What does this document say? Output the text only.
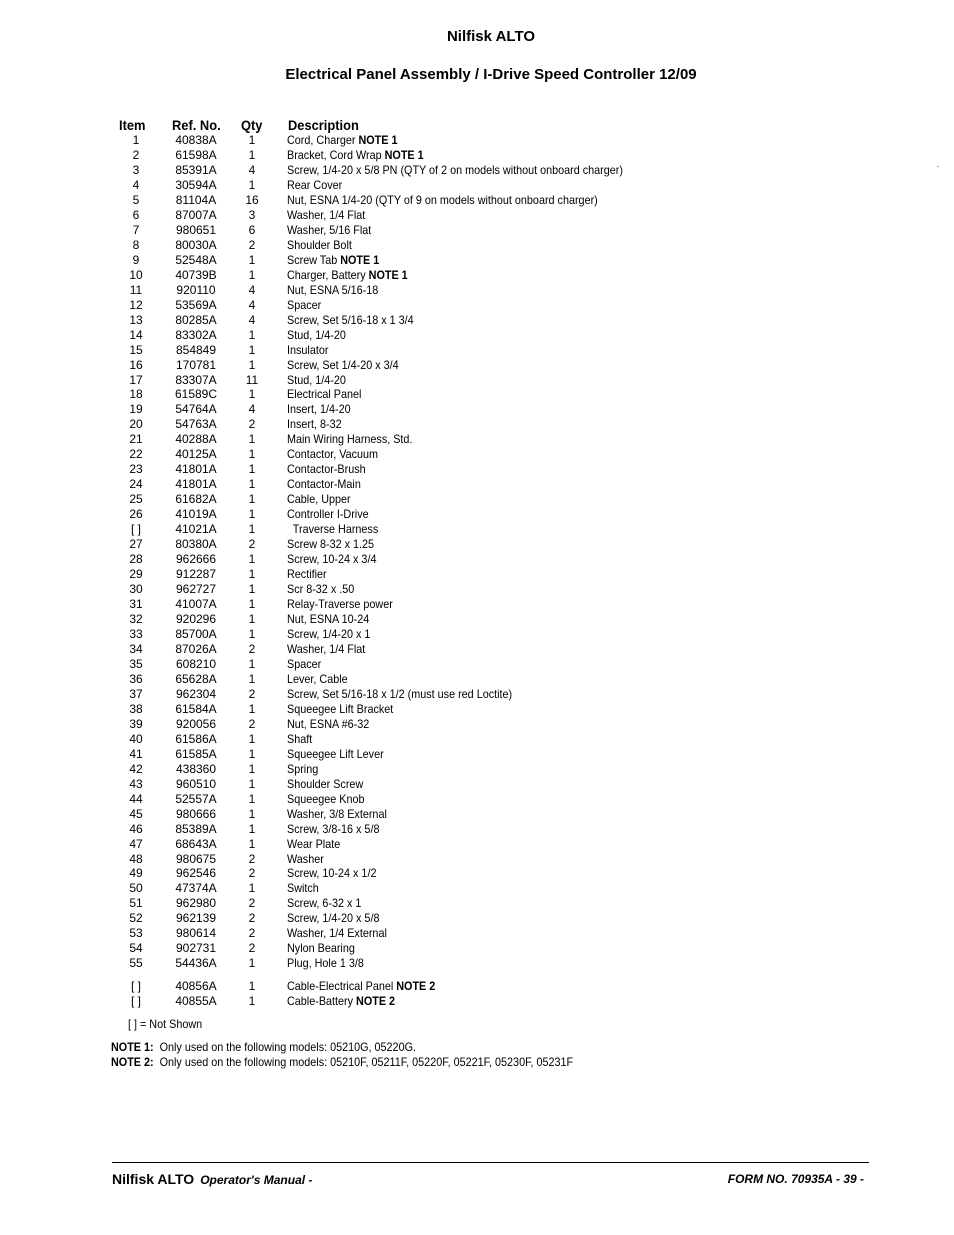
Nilfisk ALTO
Electrical Panel Assembly / I-Drive Speed Controller 12/09
.
Item Ref. No. Qty Description
1	40838A	1	Cord, Charger NOTE 1
2	61598A	1	Bracket, Cord Wrap NOTE 1
3	85391A	4	Screw, 1/4-20 x 5/8 PN (QTY of 2 on models without onboard charger)
4	30594A	1	Rear Cover
5	81104A	16	Nut, ESNA 1/4-20 (QTY of 9 on models without onboard charger)
6	87007A	3	Washer, 1/4 Flat
7	980651	6	Washer, 5/16 Flat
8	80030A	2	Shoulder Bolt
9	52548A	1	Screw Tab NOTE 1
10	40739B	1	Charger, Battery NOTE 1
11	920110	4	Nut, ESNA 5/16-18
12	53569A	4	Spacer
13	80285A	4	Screw, Set 5/16-18 x 1 3/4
14	83302A	1	Stud, 1/4-20
15	854849	1	Insulator
16	170781	1	Screw, Set 1/4-20 x 3/4
17	83307A	11	Stud, 1/4-20
18	61589C	1	Electrical Panel
19	54764A	4	Insert, 1/4-20
20	54763A	2	Insert, 8-32
21	40288A	1	Main Wiring Harness, Std.
22	40125A	1	Contactor, Vacuum
23	41801A	1	Contactor-Brush
24	41801A	1	Contactor-Main
25	61682A	1	Cable, Upper
26	41019A	1	Controller I-Drive
[ ]	41021A	1	Traverse Harness
27	80380A	2	Screw 8-32 x 1.25
28	962666	1	Screw, 10-24 x 3/4
29	912287	1	Rectifier
30	962727	1	Scr 8-32 x .50
31	41007A	1	Relay-Traverse power
32	920296	1	Nut, ESNA 10-24
33	85700A	1	Screw, 1/4-20 x 1
34	87026A	2	Washer, 1/4 Flat
35	608210	1	Spacer
36	65628A	1	Lever, Cable
37	962304	2	Screw, Set 5/16-18 x 1/2 (must use red Loctite)
38	61584A	1	Squeegee Lift Bracket
39	920056	2	Nut, ESNA #6-32
40	61586A	1	Shaft
41	61585A	1	Squeegee Lift Lever
42	438360	1	Spring
43	960510	1	Shoulder Screw
44	52557A	1	Squeegee Knob
45	980666	1	Washer, 3/8 External
46	85389A	1	Screw, 3/8-16 x 5/8
47	68643A	1	Wear Plate
48	980675	2	Washer
49	962546	2	Screw, 10-24 x 1/2
50	47374A	1	Switch
51	962980	2	Screw, 6-32 x 1
52	962139	2	Screw, 1/4-20 x 5/8
53	980614	2	Washer, 1/4 External
54	902731	2	Nylon Bearing
55	54436A	1	Plug, Hole 1 3/8
[ ]	40856A	1	Cable-Electrical Panel NOTE 2
[ ]	40855A	1	Cable-Battery NOTE 2
[ ] = Not Shown
NOTE 1:  Only used on the following models: 05210G, 05220G.
NOTE 2:  Only used on the following models: 05210F, 05211F, 05220F, 05221F, 05230F, 05231F
Nilfisk ALTO Operator's Manual -	FORM NO. 70935A - 39 -
